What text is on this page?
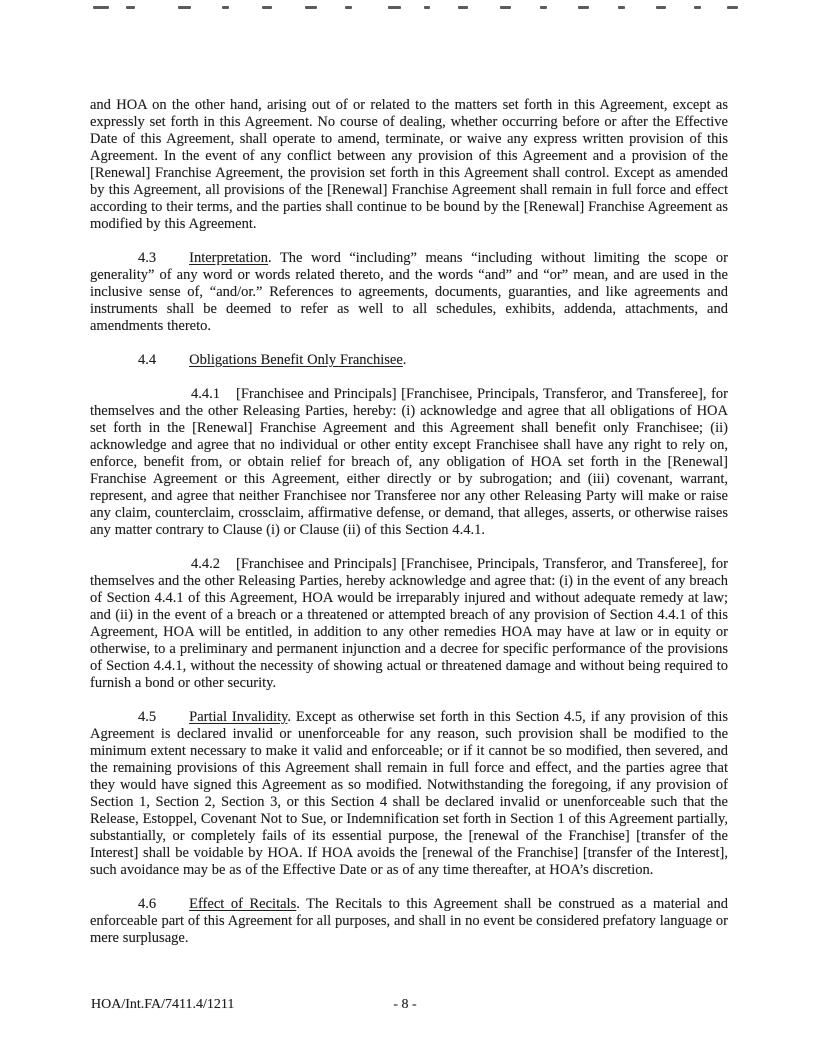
and HOA on the other hand, arising out of or related to the matters set forth in this Agreement, except as expressly set forth in this Agreement. No course of dealing, whether occurring before or after the Effective Date of this Agreement, shall operate to amend, terminate, or waive any express written provision of this Agreement. In the event of any conflict between any provision of this Agreement and a provision of the [Renewal] Franchise Agreement, the provision set forth in this Agreement shall control. Except as amended by this Agreement, all provisions of the [Renewal] Franchise Agreement shall remain in full force and effect according to their terms, and the parties shall continue to be bound by the [Renewal] Franchise Agreement as modified by this Agreement.

4.3 Interpretation. The word “including” means “including without limiting the scope or generality” of any word or words related thereto, and the words “and” and “or” mean, and are used in the inclusive sense of, “and/or.” References to agreements, documents, guaranties, and like agreements and instruments shall be deemed to refer as well to all schedules, exhibits, addenda, attachments, and amendments thereto.

4.4 Obligations Benefit Only Franchisee.

4.4.1 [Franchisee and Principals] [Franchisee, Principals, Transferor, and Transferee], for themselves and the other Releasing Parties, hereby: (i) acknowledge and agree that all obligations of HOA set forth in the [Renewal] Franchise Agreement and this Agreement shall benefit only Franchisee; (ii) acknowledge and agree that no individual or other entity except Franchisee shall have any right to rely on, enforce, benefit from, or obtain relief for breach of, any obligation of HOA set forth in the [Renewal] Franchise Agreement or this Agreement, either directly or by subrogation; and (iii) covenant, warrant, represent, and agree that neither Franchisee nor Transferee nor any other Releasing Party will make or raise any claim, counterclaim, crossclaim, affirmative defense, or demand, that alleges, asserts, or otherwise raises any matter contrary to Clause (i) or Clause (ii) of this Section 4.4.1.

4.4.2 [Franchisee and Principals] [Franchisee, Principals, Transferor, and Transferee], for themselves and the other Releasing Parties, hereby acknowledge and agree that: (i) in the event of any breach of Section 4.4.1 of this Agreement, HOA would be irreparably injured and without adequate remedy at law; and (ii) in the event of a breach or a threatened or attempted breach of any provision of Section 4.4.1 of this Agreement, HOA will be entitled, in addition to any other remedies HOA may have at law or in equity or otherwise, to a preliminary and permanent injunction and a decree for specific performance of the provisions of Section 4.4.1, without the necessity of showing actual or threatened damage and without being required to furnish a bond or other security.

4.5 Partial Invalidity. Except as otherwise set forth in this Section 4.5, if any provision of this Agreement is declared invalid or unenforceable for any reason, such provision shall be modified to the minimum extent necessary to make it valid and enforceable; or if it cannot be so modified, then severed, and the remaining provisions of this Agreement shall remain in full force and effect, and the parties agree that they would have signed this Agreement as so modified. Notwithstanding the foregoing, if any provision of Section 1, Section 2, Section 3, or this Section 4 shall be declared invalid or unenforceable such that the Release, Estoppel, Covenant Not to Sue, or Indemnification set forth in Section 1 of this Agreement partially, substantially, or completely fails of its essential purpose, the [renewal of the Franchise] [transfer of the Interest] shall be voidable by HOA. If HOA avoids the [renewal of the Franchise] [transfer of the Interest], such avoidance may be as of the Effective Date or as of any time thereafter, at HOA’s discretion.

4.6 Effect of Recitals. The Recitals to this Agreement shall be construed as a material and enforceable part of this Agreement for all purposes, and shall in no event be considered prefatory language or mere surplusage.

HOA/Int.FA/7411.4/1211	- 8 -
